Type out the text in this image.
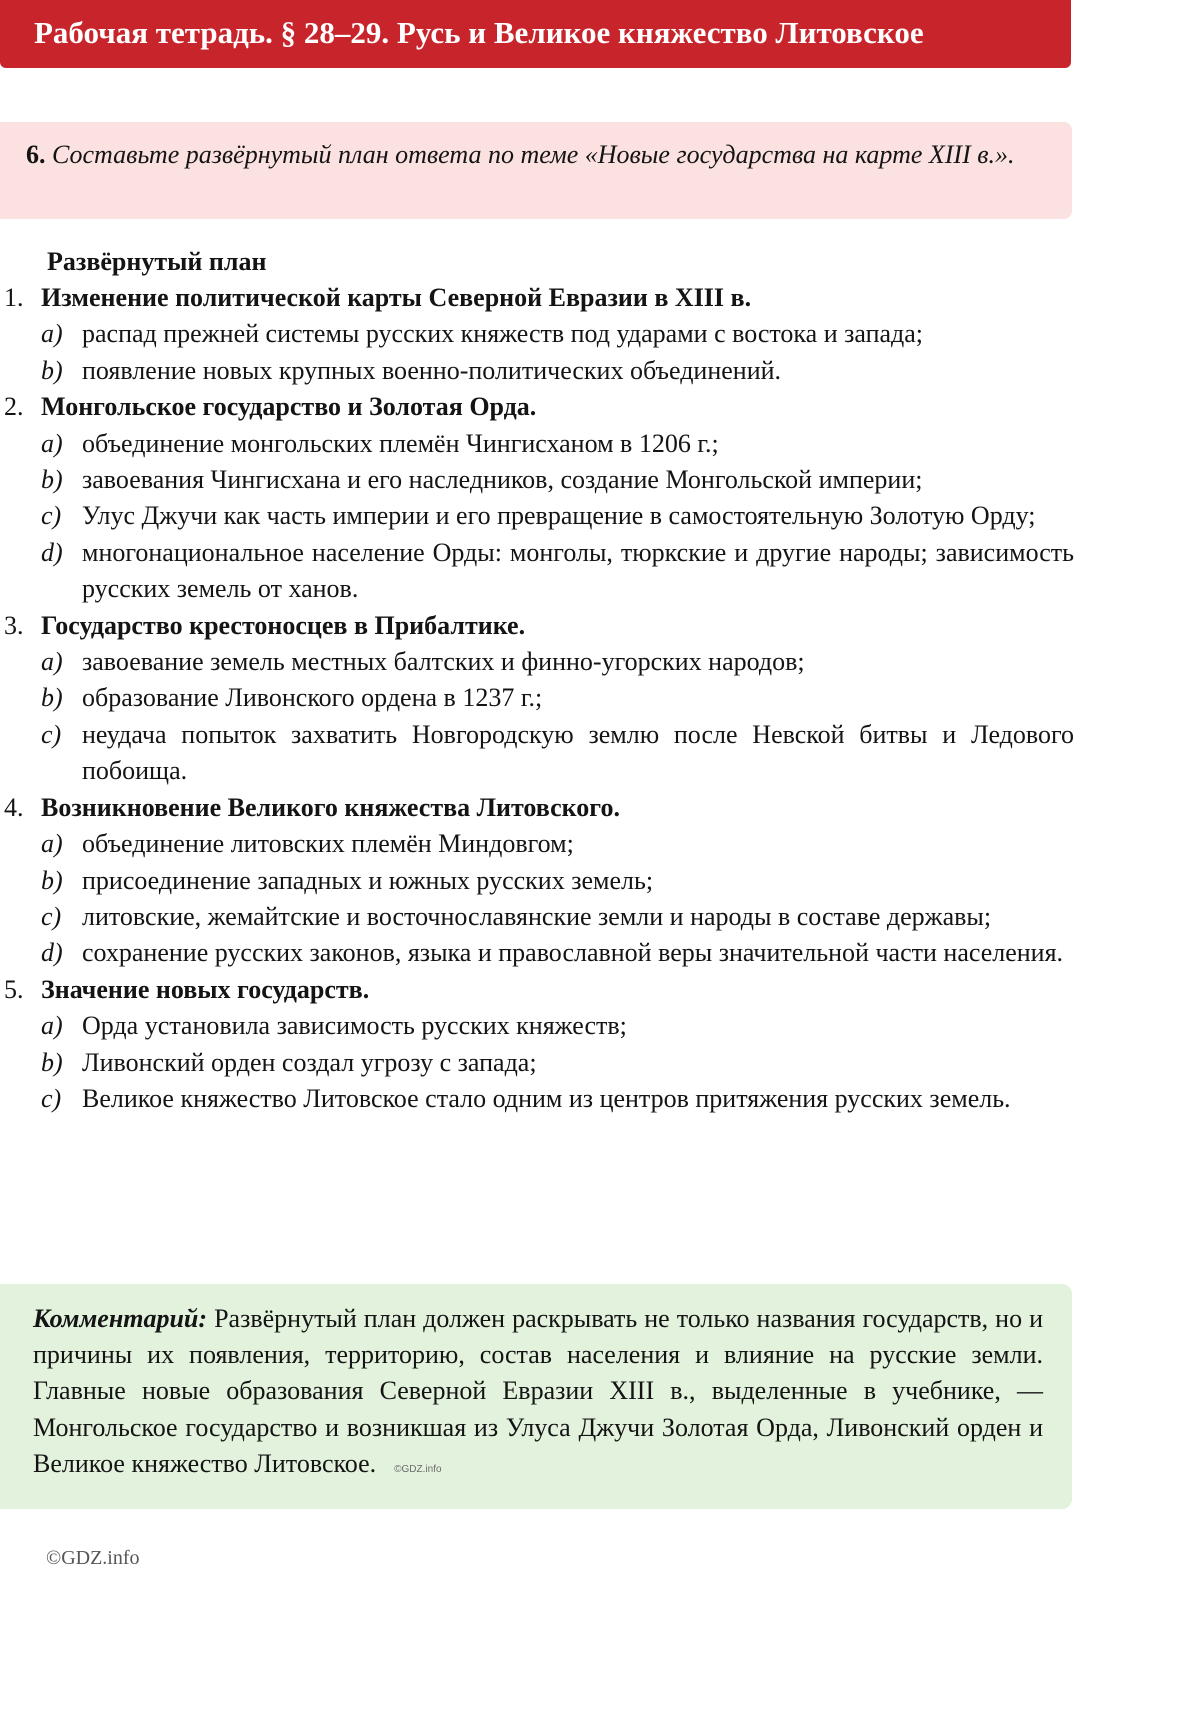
Рабочая тетрадь. § 28–29. Русь и Великое княжество Литовское

6. Составьте развёрнутый план ответа по теме «Новые государства на карте XIII в.».

Развёрнутый план
1. Изменение политической карты Северной Евразии в XIII в.
a) распад прежней системы русских княжеств под ударами с востока и запада;
b) появление новых крупных военно-политических объединений.
2. Монгольское государство и Золотая Орда.
a) объединение монгольских племён Чингисханом в 1206 г.;
b) завоевания Чингисхана и его наследников, создание Монгольской империи;
c) Улус Джучи как часть империи и его превращение в самостоятельную Золотую Орду;
d) многонациональное население Орды: монголы, тюркские и другие народы; зависимость русских земель от ханов.
3. Государство крестоносцев в Прибалтике.
a) завоевание земель местных балтских и финно-угорских народов;
b) образование Ливонского ордена в 1237 г.;
c) неудача попыток захватить Новгородскую землю после Невской битвы и Ледового побоища.
4. Возникновение Великого княжества Литовского.
a) объединение литовских племён Миндовгом;
b) присоединение западных и южных русских земель;
c) литовские, жемайтские и восточнославянские земли и народы в составе державы;
d) сохранение русских законов, языка и православной веры значительной части населения.
5. Значение новых государств.
a) Орда установила зависимость русских княжеств;
b) Ливонский орден создал угрозу с запада;
c) Великое княжество Литовское стало одним из центров притяжения русских земель.

Комментарий: Развёрнутый план должен раскрывать не только названия государств, но и причины их появления, территорию, состав населения и влияние на русские земли. Главные новые образования Северной Евразии XIII в., выделенные в учебнике, — Монгольское государство и возникшая из Улуса Джучи Золотая Орда, Ливонский орден и Великое княжество Литовское. ©GDZ.info

©GDZ.info
